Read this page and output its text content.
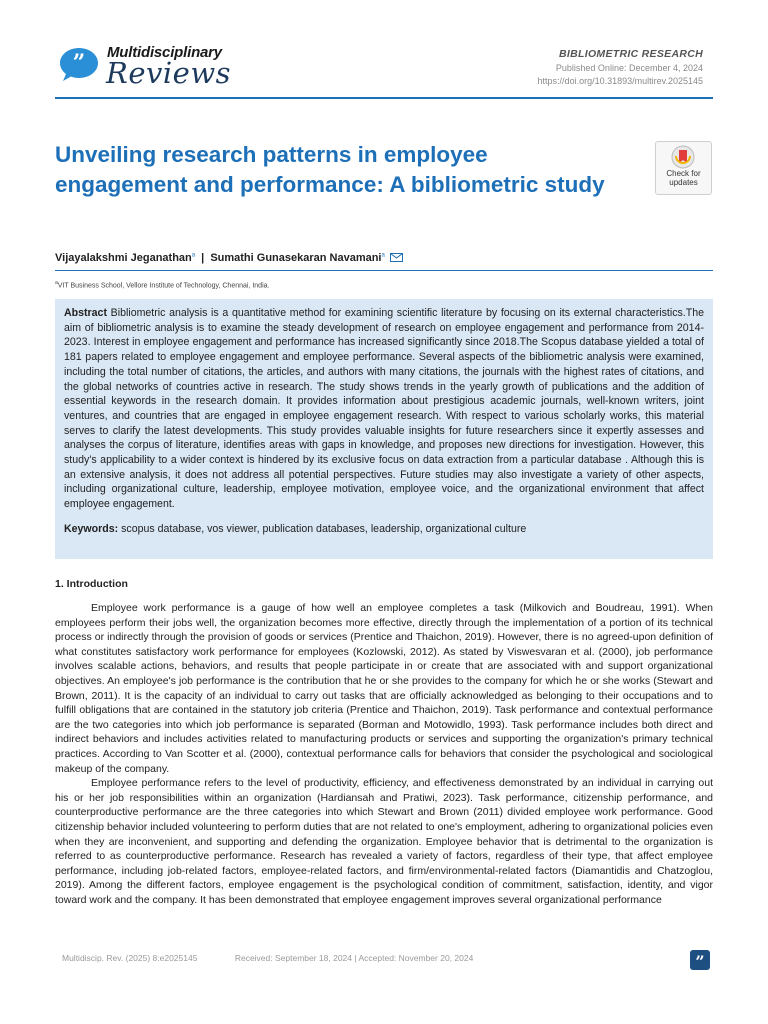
” Multidisciplinary
Reviews
BIBLIOMETRIC RESEARCH
Published Online: December 4, 2024
https://doi.org/10.31893/multirev.2025145
Unveiling research patterns in employee engagement and performance: A bibliometric study	Check for
updates
Vijayalakshmi Jeganathan$^a$ | Sumathi Gunasekaran Navamani$^a$
$^a$VIT Business School, Vellore Institute of Technology, Chennai, India.

Abstract Bibliometric analysis is a quantitative method for examining scientific literature by focusing on its external characteristics.The aim of bibliometric analysis is to examine the steady development of research on employee engagement and performance from 2014-2023. Interest in employee engagement and performance has increased significantly since 2018.The Scopus database yielded a total of 181 papers related to employee engagement and employee performance. Several aspects of the bibliometric analysis were examined, including the total number of citations, the articles, and authors with many citations, the journals with the highest rates of citations, and the global networks of countries active in research. The study shows trends in the yearly growth of publications and the addition of essential keywords in the research domain. It provides information about prestigious academic journals, well-known writers, joint ventures, and countries that are engaged in employee engagement research. With respect to various scholarly works, this material serves to clarify the latest developments. This study provides valuable insights for future researchers since it expertly assesses and analyses the corpus of literature, identifies areas with gaps in knowledge, and proposes new directions for investigation. However, this study's applicability to a wider context is hindered by its exclusive focus on data extraction from a particular database . Although this is an extensive analysis, it does not address all potential perspectives. Future studies may also investigate a variety of other aspects, including organizational culture, leadership, employee motivation, employee voice, and the organizational environment that affect employee engagement.

Keywords: scopus database, vos viewer, publication databases, leadership, organizational culture
1. Introduction

Employee work performance is a gauge of how well an employee completes a task (Milkovich and Boudreau, 1991). When employees perform their jobs well, the organization becomes more effective, directly through the implementation of a portion of its technical process or indirectly through the provision of goods or services (Prentice and Thaichon, 2019). However, there is no agreed-upon definition of what constitutes satisfactory work performance for employees (Kozlowski, 2012). As stated by Viswesvaran et al. (2000), job performance involves scalable actions, behaviors, and results that people participate in or create that are associated with and support organizational objectives. An employee's job performance is the contribution that he or she provides to the company for which he or she works (Stewart and Brown, 2011). It is the capacity of an individual to carry out tasks that are officially acknowledged as belonging to their occupations and to fulfill obligations that are contained in the statutory job criteria (Prentice and Thaichon, 2019). Task performance and contextual performance are the two categories into which job performance is separated (Borman and Motowidlo, 1993). Task performance includes both direct and indirect behaviors and includes activities related to manufacturing products or services and supporting the organization's primary technical practices. According to Van Scotter et al. (2000), contextual performance calls for behaviors that consider the psychological and sociological makeup of the company.

Employee performance refers to the level of productivity, efficiency, and effectiveness demonstrated by an individual in carrying out his or her job responsibilities within an organization (Hardiansah and Pratiwi, 2023). Task performance, citizenship performance, and counterproductive performance are the three categories into which Stewart and Brown (2011) divided employee work performance. Good citizenship behavior included volunteering to perform duties that are not related to one's employment, adhering to organizational policies even when they are inconvenient, and supporting and defending the organization. Employee behavior that is detrimental to the organization is referred to as counterproductive performance. Research has revealed a variety of factors, regardless of their type, that affect employee performance, including job-related factors, employee-related factors, and firm/environmental-related factors (Diamantidis and Chatzoglou, 2019). Among the different factors, employee engagement is the psychological condition of commitment, satisfaction, identity, and vigor toward work and the company. It has been demonstrated that employee engagement improves several organizational performance

Multidiscip. Rev. (2025) 8:e2025145	Received: September 18, 2024 | Accepted: November 20, 2024	”
